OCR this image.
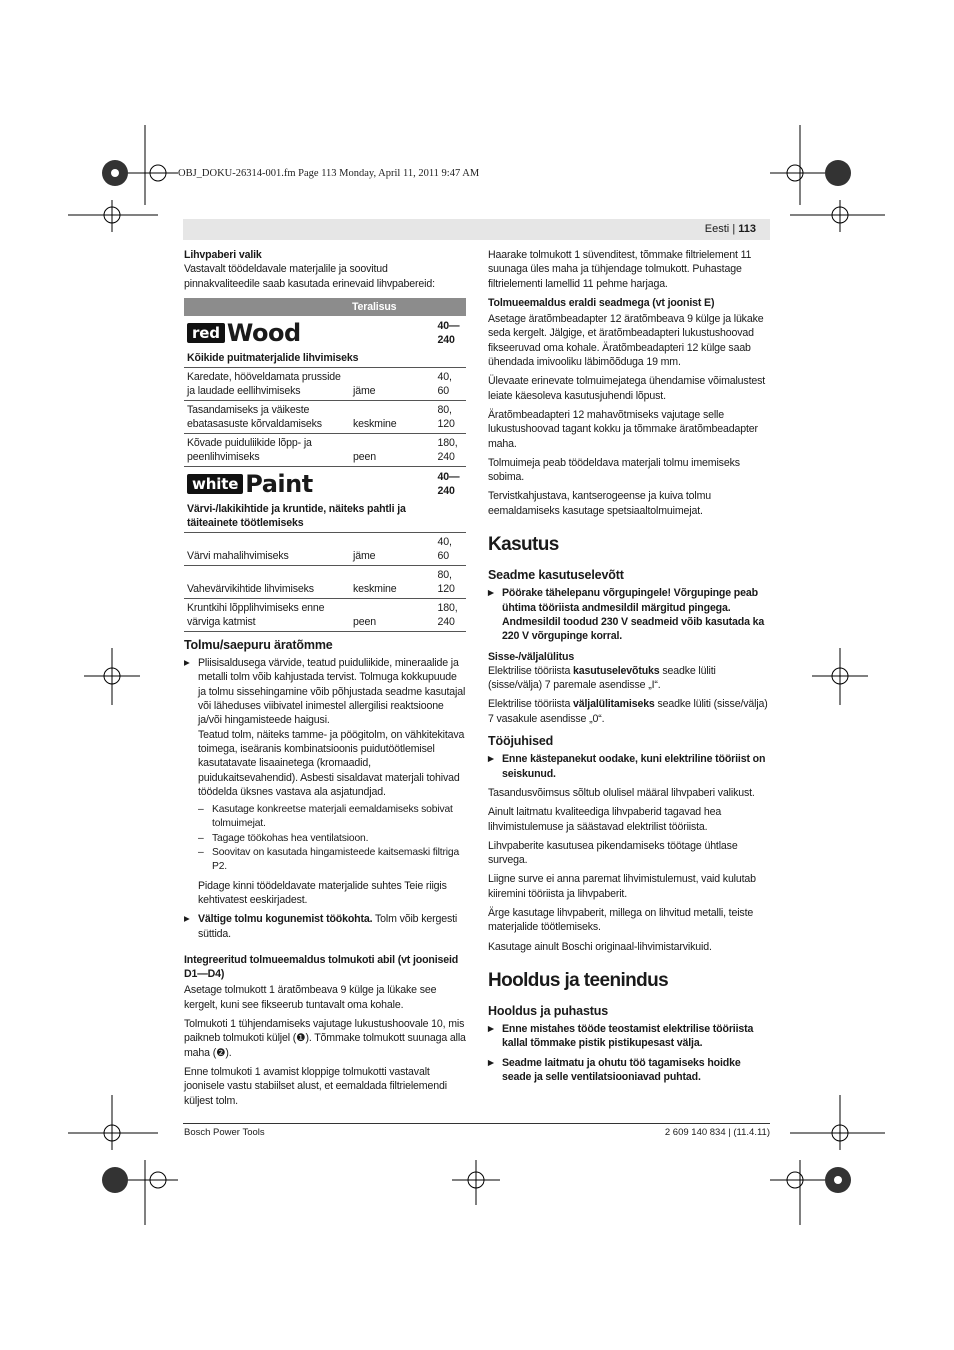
OBJ_DOKU-26314-001.fm Page 113 Monday, April 11, 2011 9:47 AM
Eesti | 113

Lihvpaberi valik

Vastavalt töödeldavale materjalile ja soovitud pinnakvaliteedile saab kasutada erinevaid lihvpabereid:

	Teralisus	

red Wood
Kõikide puitmaterjalide lihvimiseks		40—240
Karedate, hööveldamata prusside ja laudade eellihvimiseks	jäme	40, 60
Tasandamiseks ja väikeste ebatasasuste kõrvaldamiseks	keskmine	80, 120
Kõvade puiduliikide lõpp- ja peenlihvimiseks	peen	180, 240

white Paint
Värvi-/lakikihtide ja kruntide, näiteks pahtli ja täiteainete töötlemiseks		40—240
Värvi mahalihvimiseks	jäme	40, 60
Vahevärvikihtide lihvimiseks	keskmine	80, 120
Kruntkihi lõpplihvimiseks enne värviga katmist	peen	180, 240

Tolmu/saepuru äratõmme

▶ Pliisisaldusega värvide, teatud puiduliikide, mineraalide ja metalli tolm võib kahjustada tervist. Tolmuga kokkupuude ja tolmu sissehingamine võib põhjustada seadme kasutajal või läheduses viibivatel inimestel allergilisi reaktsioone ja/või hingamisteede haigusi.
Teatud tolm, näiteks tamme- ja pöögitolm, on vähkitekitava toimega, iseäranis kombinatsioonis puidutöötlemisel kasutatavate lisaainetega (kromaadid, puidukaitsevahendid). Asbesti sisaldavat materjali tohivad töödelda üksnes vastava ala asjatundjad.
– Kasutage konkreetse materjali eemaldamiseks sobivat tolmuimejat.
– Tagage töökohas hea ventilatsioon.
– Soovitav on kasutada hingamisteede kaitsemaski filtriga P2.
Pidage kinni töödeldavate materjalide suhtes Teie riigis kehtivatest eeskirjadest.
▶ Vältige tolmu kogunemist töökohta. Tolm võib kergesti süttida.

Integreeritud tolmueemaldus tolmukoti abil (vt jooniseid D1—D4)

Asetage tolmukott 1 äratõmbeava 9 külge ja lükake see kergelt, kuni see fikseerub tuntavalt oma kohale.

Tolmukoti 1 tühjendamiseks vajutage lukustushoovale 10, mis paikneb tolmukoti küljel (❶). Tõmmake tolmukott suunaga alla maha (❷).

Enne tolmukoti 1 avamist kloppige tolmukotti vastavalt joonisele vastu stabiilset alust, et eemaldada filtrielemendi küljest tolm.

Haarake tolmukott 1 süvenditest, tõmmake filtrielement 11 suunaga üles maha ja tühjendage tolmukott. Puhastage filtrielementi lamellid 11 pehme harjaga.

Tolmueemaldus eraldi seadmega (vt joonist E)

Asetage äratõmbeadapter 12 äratõmbeava 9 külge ja lükake seda kergelt. Jälgige, et äratõmbeadapteri lukustushoovad fikseeruvad oma kohale. Äratõmbeadapteri 12 külge saab ühendada imivooliku läbimõõduga 19 mm.

Ülevaate erinevate tolmuimejatega ühendamise võimalustest leiate käesoleva kasutusjuhendi lõpust.

Äratõmbeadapteri 12 mahavõtmiseks vajutage selle lukustushoovad tagant kokku ja tõmmake äratõmbeadapter maha.

Tolmuimeja peab töödeldava materjali tolmu imemiseks sobima.

Tervistkahjustava, kantserogeense ja kuiva tolmu eemaldamiseks kasutage spetsiaaltolmuimejat.

Kasutus

Seadme kasutuselevõtt

▶ Pöörake tähelepanu võrgupingele! Võrgupinge peab ühtima tööriista andmesildil märgitud pingega. Andmesildil toodud 230 V seadmeid võib kasutada ka 220 V võrgupinge korral.

Sisse-/väljalülitus

Elektrilise tööriista kasutuselevõtuks seadke lüliti (sisse/välja) 7 paremale asendisse „I“.

Elektrilise tööriista väljalülitamiseks seadke lüliti (sisse/välja) 7 vasakule asendisse „0“.

Tööjuhised

▶ Enne kästepanekut oodake, kuni elektriline tööriist on seiskunud.

Tasandusvõimsus sõltub olulisel määral lihvpaberi valikust.

Ainult laitmatu kvaliteediga lihvpaberid tagavad hea lihvimistulemuse ja säästavad elektrilist tööriista.

Lihvpaberite kasutusea pikendamiseks töötage ühtlase survega.

Liigne surve ei anna paremat lihvimistulemust, vaid kulutab kiiremini tööriista ja lihvpaberit.

Ärge kasutage lihvpaberit, millega on lihvitud metalli, teiste materjalide töötlemiseks.

Kasutage ainult Boschi originaal-lihvimistarvikuid.

Hooldus ja teenindus

Hooldus ja puhastus

▶ Enne mistahes tööde teostamist elektrilise tööriista kallal tõmmake pistik pistikupesast välja.
▶ Seadme laitmatu ja ohutu töö tagamiseks hoidke seade ja selle ventilatsiooniavad puhtad.
Bosch Power Tools	2 609 140 834 | (11.4.11)
